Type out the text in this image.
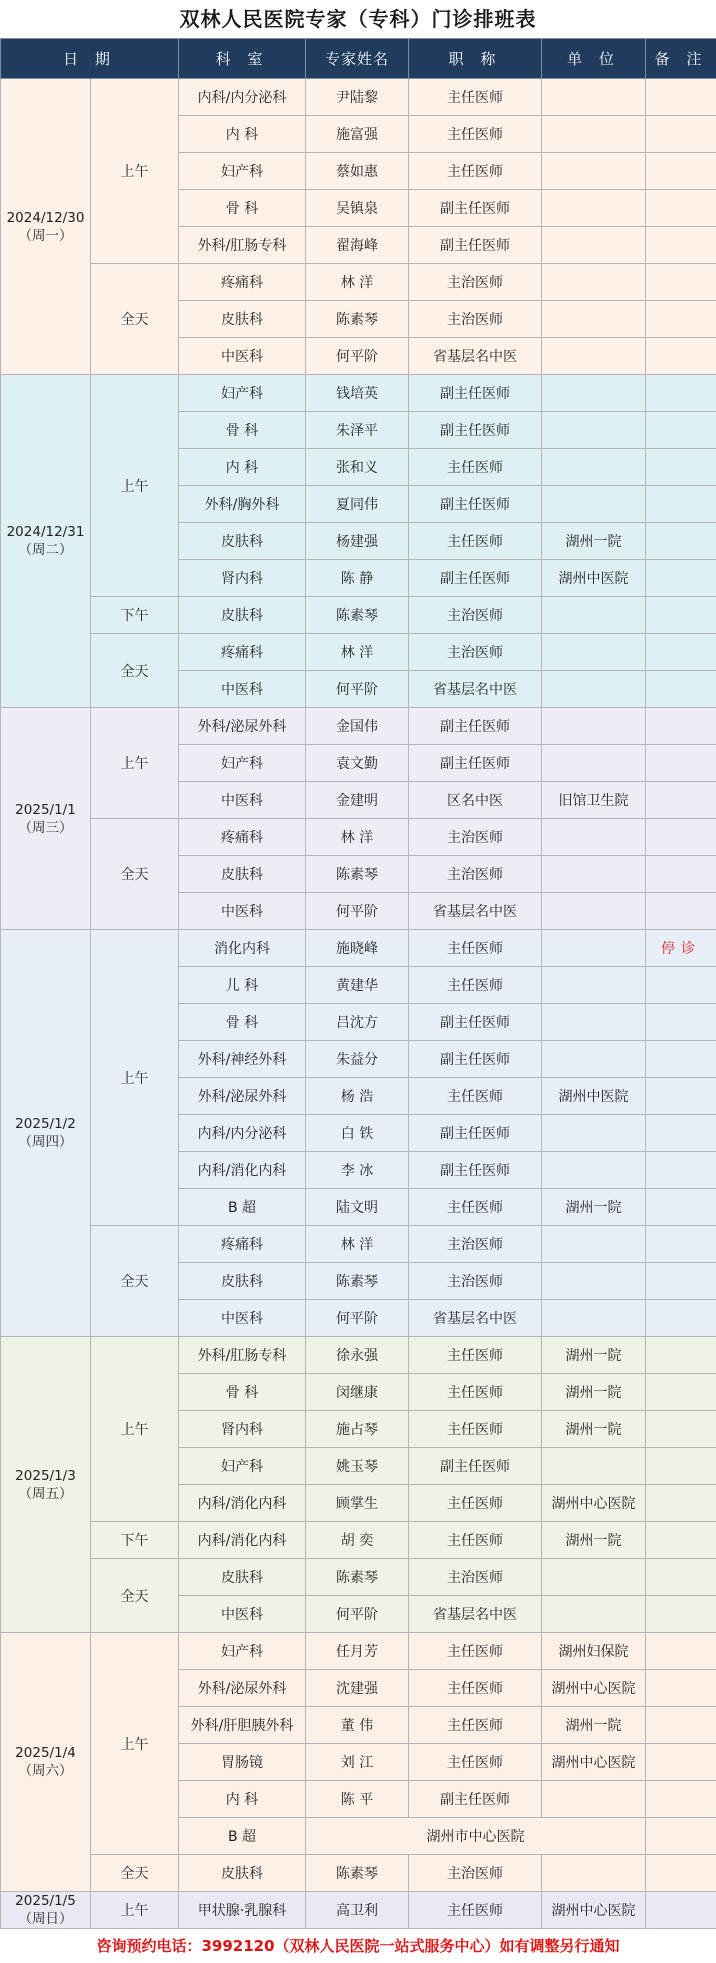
双林人民医院专家（专科）门诊排班表
日 期		科 室	专家姓名	职 称	单 位	备 注

2024/12/30
（周一）	上午	内科/内分泌科	尹陆黎	主任医师		
		内 科	施富强	主任医师		
		妇产科	蔡如惠	主任医师		
		骨 科	吴镇泉	副主任医师		
		外科/肛肠专科	翟海峰	副主任医师		
	全天	疼痛科	林 洋	主治医师		
		皮肤科	陈素琴	主治医师		
		中医科	何平阶	省基层名中医		

2024/12/31
（周二）	上午	妇产科	钱培英	副主任医师		
		骨 科	朱泽平	副主任医师		
		内 科	张和义	主任医师		
		外科/胸外科	夏同伟	副主任医师		
		皮肤科	杨建强	主任医师	湖州一院	
		肾内科	陈 静	副主任医师	湖州中医院	
	下午	皮肤科	陈素琴	主治医师		
	全天	疼痛科	林 洋	主治医师		
		中医科	何平阶	省基层名中医		

2025/1/1
（周三）	上午	外科/泌尿外科	金国伟	副主任医师		
		妇产科	袁文勤	副主任医师		
		中医科	金建明	区名中医	旧馆卫生院	
	全天	疼痛科	林 洋	主治医师		
		皮肤科	陈素琴	主治医师		
		中医科	何平阶	省基层名中医		

2025/1/2
（周四）	上午	消化内科	施晓峰	主任医师		停诊
		儿 科	黄建华	主任医师		
		骨 科	吕沈方	副主任医师		
		外科/神经外科	朱益分	副主任医师		
		外科/泌尿外科	杨 浩	主任医师	湖州中医院	
		内科/内分泌科	白 铁	副主任医师		
		内科/消化内科	李 冰	副主任医师		
		B 超	陆文明	主任医师	湖州一院	
	全天	疼痛科	林 洋	主治医师		
		皮肤科	陈素琴	主治医师		
		中医科	何平阶	省基层名中医		

2025/1/3
（周五）	上午	外科/肛肠专科	徐永强	主任医师	湖州一院	
		骨 科	闵继康	主任医师	湖州一院	
		肾内科	施占琴	主任医师	湖州一院	
		妇产科	姚玉琴	副主任医师		
		内科/消化内科	顾掌生	主任医师	湖州中心医院	
	下午	内科/消化内科	胡 奕	主任医师	湖州一院	
	全天	皮肤科	陈素琴	主治医师		
		中医科	何平阶	省基层名中医		

2025/1/4
（周六）	上午	妇产科	任月芳	主任医师	湖州妇保院	
		外科/泌尿外科	沈建强	主任医师	湖州中心医院	
		外科/肝胆胰外科	董 伟	主任医师	湖州一院	
		胃肠镜	刘 江	主任医师	湖州中心医院	
		内 科	陈 平	副主任医师		
		B 超	湖州市中心医院			
	全天	皮肤科	陈素琴	主治医师		

2025/1/5
（周日）	上午	甲状腺·乳腺科	高卫利	主任医师	湖州中心医院	
咨询预约电话：3992120（双林人民医院一站式服务中心）如有调整另行通知
